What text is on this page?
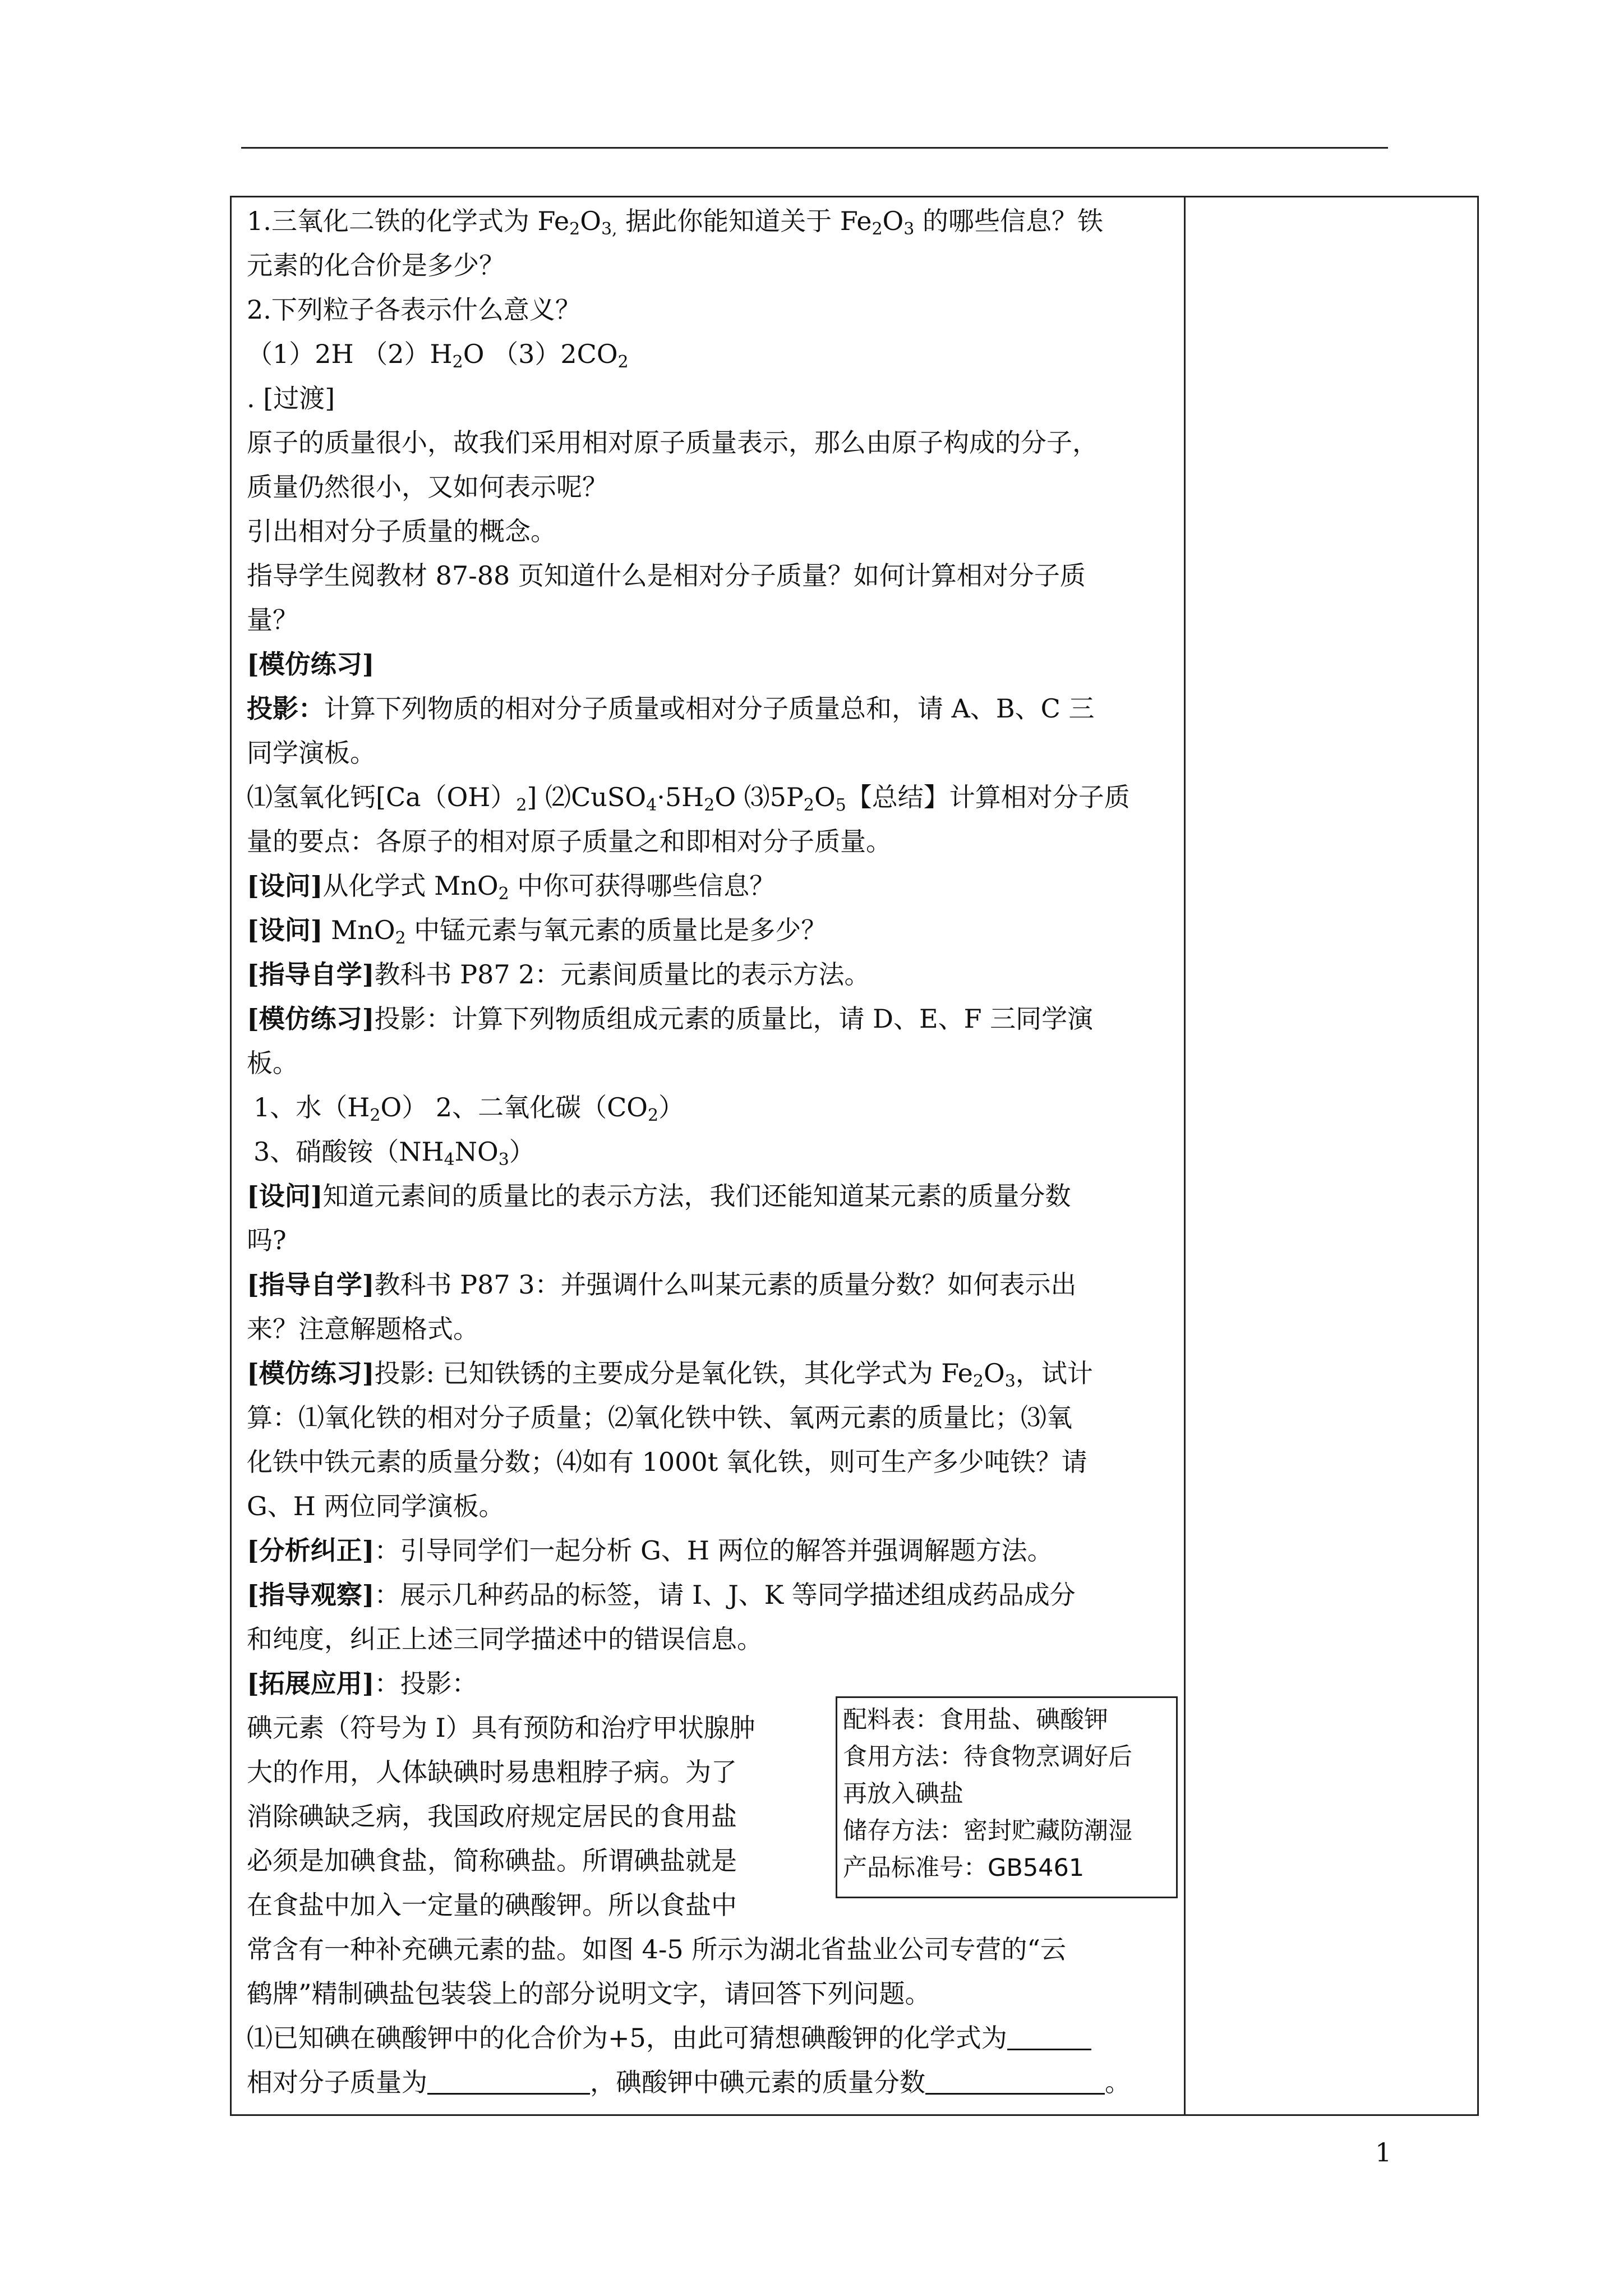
1.三氧化二铁的化学式为 $Fe_2O_{3,}$ 据此你能知道关于 $Fe_2O_3$ 的哪些信息？铁
元素的化合价是多少？
2.下列粒子各表示什么意义？
（1）2H $(2)H_2O$ $(3)2CO_2$
. [过渡]
原子的质量很小，故我们采用相对原子质量表示，那么由原子构成的分子，
质量仍然很小，又如何表示呢？
引出相对分子质量的概念。
指导学生阅教材 87-88 页知道什么是相对分子质量？如何计算相对分子质
量？
[模仿练习]
投影：计算下列物质的相对分子质量或相对分子质量总和，请 A、B、C 三
同学演板。
⑴氢氧化钙$[Ca(OH)_2]$ $⑵CuSO_4\cdot 5H_2O$ $⑶5P_2O_5$【总结】计算相对分子质
量的要点：各原子的相对原子质量之和即相对分子质量。
[设问]从化学式 MnO$_2$ 中你可获得哪些信息？
[设问] MnO$_2$ 中锰元素与氧元素的质量比是多少？
[指导自学]教科书 P87 2：元素间质量比的表示方法。
[模仿练习]投影：计算下列物质组成元素的质量比，请 D、E、F 三同学演
板。
1、水$(H_2O)$ 2、二氧化碳$(CO_2)$
3、硝酸铵$(NH_4NO_3)$
[设问]知道元素间的质量比的表示方法，我们还能知道某元素的质量分数
吗?
[指导自学]教科书 P87 3：并强调什么叫某元素的质量分数？如何表示出
来？注意解题格式。
[模仿练习]投影: 已知铁锈的主要成分是氧化铁，其化学式为 $Fe_2O_3$，试计
算：⑴氧化铁的相对分子质量；⑵氧化铁中铁、氧两元素的质量比；⑶氧
化铁中铁元素的质量分数；⑷如有 1000t 氧化铁，则可生产多少吨铁？请
G、H 两位同学演板。
[分析纠正]：引导同学们一起分析 G、H 两位的解答并强调解题方法。
[指导观察]：展示几种药品的标签，请 I、J、K 等同学描述组成药品成分
和纯度，纠正上述三同学描述中的错误信息。
[拓展应用]：投影：
碘元素（符号为 I）具有预防和治疗甲状腺肿
大的作用，人体缺碘时易患粗脖子病。为了
消除碘缺乏病，我国政府规定居民的食用盐
必须是加碘食盐，简称碘盐。所谓碘盐就是
在食盐中加入一定量的碘酸钾。所以食盐中
常含有一种补充碘元素的盐。如图 4-5 所示为湖北省盐业公司专营的“云
鹤牌”精制碘盐包装袋上的部分说明文字，请回答下列问题。
⑴已知碘在碘酸钾中的化合价为+5，由此可猜想碘酸钾的化学式为
相对分子质量为	，碘酸钾中碘元素的质量分数	。
配料表：食用盐、碘酸钾
食用方法：待食物烹调好后
再放入碘盐
储存方法：密封贮藏防潮湿
产品标准号：GB5461
1
